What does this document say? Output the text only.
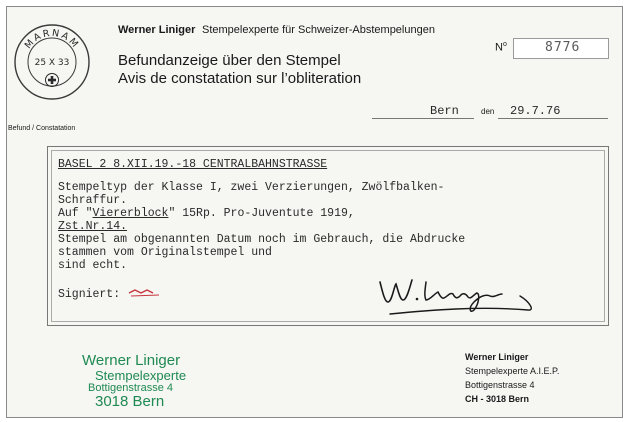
MARNAM
25 X 33
Werner Liniger Stempelexperte für Schweizer-Abstempelungen
Befundanzeige über den Stempel
Avis de constatation sur l’obliteration
$N^o$	8776
Bern	den 29.7.76
Befund / Constatation
BASEL 2 8.XII.19.-18 CENTRALBAHNSTRASSE
Stempeltyp der Klasse I, zwei Verzierungen, Zwölfbalken-
Schraffur.
Auf "Viererblock" 15Rp. Pro-Juventute 1919,
Zst.Nr.14.
Stempel am obgenannten Datum noch im Gebrauch, die Abdrucke
stammen vom Originalstempel und
sind echt.
Signiert:
Werner Liniger
Stempelexperte
Bottigenstrasse 4
3018 Bern
Werner Liniger
Stempelexperte A.I.E.P.
Bottigenstrasse 4
CH - 3018 Bern
